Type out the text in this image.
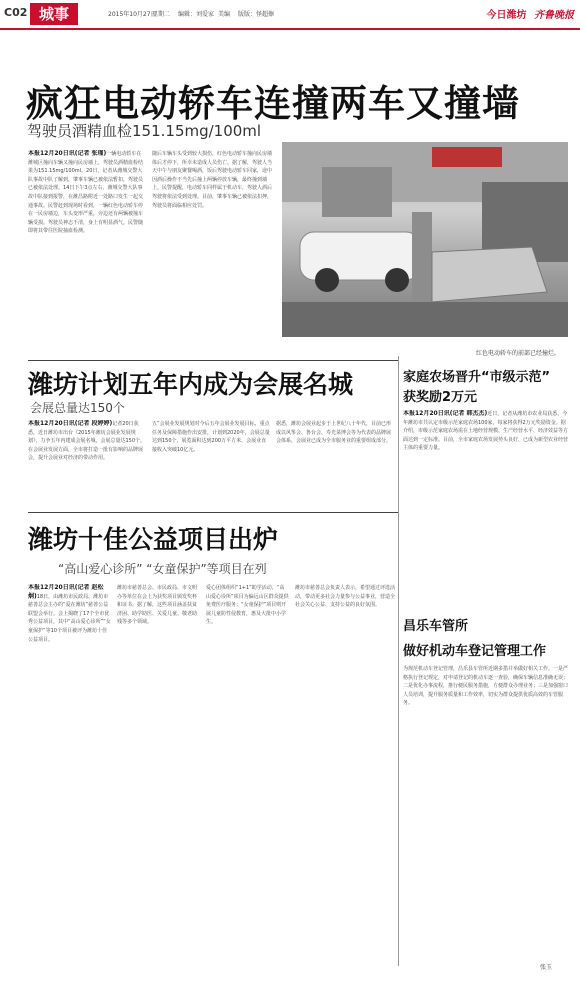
C02 城事	2015年10月27日
星期二 编辑：刘爱家 美编 版版：怪超擦	今日潍坊 齐鲁晚报
疯狂电动轿车连撞两车又撞墙
驾驶员酒精血检151.15mg/100ml

本报12月20日讯(记者 张瑾)一辆电动轿车在潍城区撞向车辆又撞向民房墙上，驾驶员酒精血检结果为151.15mg/100ml。20日，记者从潍城交警大队事故中队了解到，肇事车辆已被依法暂扣，驾驶员已被依法处理。14日下午3点左右，潍城交警大队事故中队接到报警，在潍昌路附近一处路口发生一起交通事故。民警赶到现场时看到，一辆红色电动轿车停在一民房墙边，车头变形严重，旁边还有两辆被撞车辆受损。驾驶员神志不清，身上有明显酒气。民警随即将其带往医院抽血检测。

随后车辆车头受到较大损伤，红色电动轿车撞向民房墙体后才停下，所幸未造成人员伤亡。据了解，驾驶人当天中午与朋友聚餐喝酒，饭后驾驶电动轿车回家，途中因酒后操作不当先后撞上两辆停放车辆，最终撞到墙上。民警提醒，电动轿车同样属于机动车，驾驶人酒后驾驶将依法受到处理。目前，肇事车辆已被依法扣押，驾驶员将面临相应处罚。

红色电动轿车的前部已经撞烂。
潍坊计划五年内成为会展名城
会展总量达150个

本报12月20日讯(记者 段婷婷)记者20日获悉，近日潍坊市出台《2015年潍坊会展业发展规划》，力争五年内建成会展名城，会展总量达150个。在会展业发展方面，全市将打造一批有影响的品牌展会，提升会展业对经济的带动作用。

五”会展业发展规划对今后五年会展业发展目标、重点任务及保障措施作出安排，计划到2020年，会展总量达到150个，展览面积达到200万平方米，会展业直接收入突破10亿元。

据悉，潍坊会展业起步于上世纪八十年代，目前已形成以风筝会、鲁台会、寿光菜博会等为代表的品牌展会体系，会展业已成为全市服务业的重要组成部分。

潍坊十佳公益项目出炉
“高山爱心诊所” “女童保护”等项目在列

本报12月20日讯(记者 赵松炯)18日，由潍坊市民政局、潍坊市慈善总会主办的“爱在潍坊”慈善公益联盟会举行。会上揭晓了17个全市优秀公益项目，其中“高山爱心诊所”“女童保护”等10个项目被评为潍坊十佳公益项目。

潍坊市慈善总会、市民政局、市文明办等单位在会上为获奖项目颁发奖杯和证书。据了解，这些项目涵盖扶贫济困、助学助医、关爱儿童、敬老助残等多个领域。

爱心团体组织“1+1”助学活动，“高山爱心诊所”项目为偏远山区群众提供免费医疗服务；“女童保护”项目则开展儿童防性侵教育，惠及大批中小学生。

潍坊市慈善总会负责人表示，希望通过评选活动，带动更多社会力量参与公益事业，营造全社会关心公益、支持公益的良好氛围。

家庭农场晋升“市级示范”
获奖励2万元

本报12月20日讯(记者 韩杰杰)近日，记者从潍坊市农业局获悉，今年潍坊市共认定市级示范家庭农场100家，每家将获得2万元奖励资金。据介绍，市级示范家庭农场需在土地经营规模、生产经营水平、经济效益等方面达到一定标准。目前，全市家庭农场发展势头良好，已成为新型农业经营主体的重要力量。

昌乐车管所
做好机动车登记管理工作

为规范机动车登记管理，昌乐县车管所近期多措并举做好相关工作。一是严格执行登记规定，对申请登记的机动车逐一查验，确保车辆信息准确无误；二是优化办事流程，推行便民服务措施，方便群众办理业务；三是加强窗口人员培训，提升服务质量和工作效率，切实为群众提供优质高效的车管服务。

张玉
